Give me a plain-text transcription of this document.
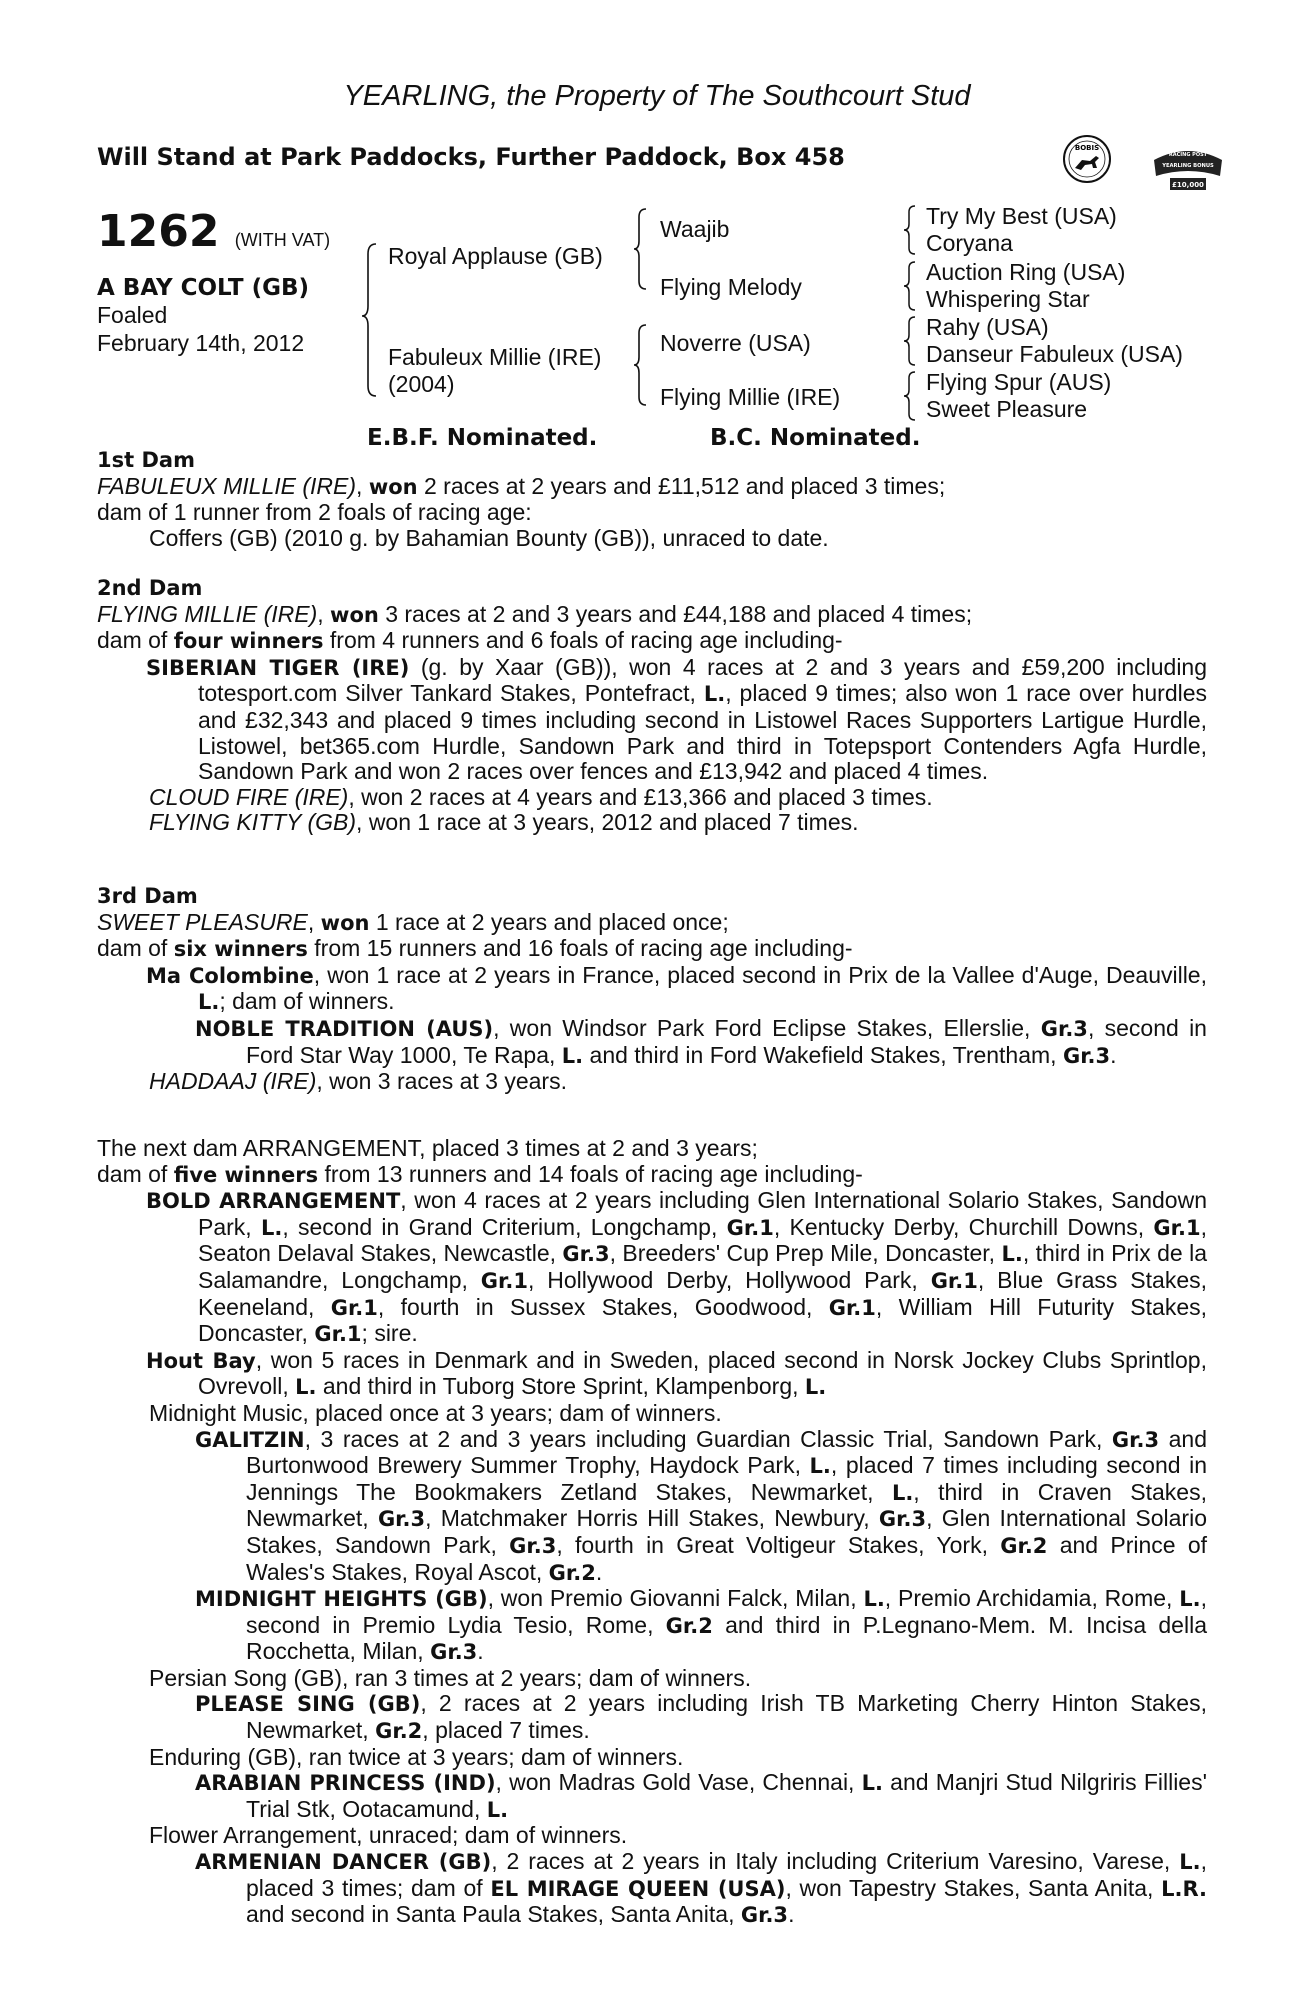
YEARLING, the Property of The Southcourt Stud
Will Stand at Park Paddocks, Further Paddock, Box 458	BOBIS
RACING POST
YEARLING BONUS
£10,000
1262 (WITH VAT)
A BAY COLT (GB)
Foaled
February 14th, 2012
Royal Applause (GB)
Fabuleux Millie (IRE)
(2004)
Waajib
Flying Melody
Noverre (USA)
Flying Millie (IRE)
Try My Best (USA)
Coryana
Auction Ring (USA)
Whispering Star
Rahy (USA)
Danseur Fabuleux (USA)
Flying Spur (AUS)
Sweet Pleasure
E.B.F. Nominated.	B.C. Nominated.

1st Dam

FABULEUX MILLIE (IRE), won 2 races at 2 years and £11,512 and placed 3 times;

dam of 1 runner from 2 foals of racing age:

Coffers (GB) (2010 g. by Bahamian Bounty (GB)), unraced to date.

2nd Dam

FLYING MILLIE (IRE), won 3 races at 2 and 3 years and £44,188 and placed 4 times;

dam of four winners from 4 runners and 6 foals of racing age including-

SIBERIAN TIGER (IRE) (g. by Xaar (GB)), won 4 races at 2 and 3 years and £59,200 including totesport.com Silver Tankard Stakes, Pontefract, L., placed 9 times; also won 1 race over hurdles and £32,343 and placed 9 times including second in Listowel Races Supporters Lartigue Hurdle, Listowel, bet365.com Hurdle, Sandown Park and third in Totepsport Contenders Agfa Hurdle, Sandown Park and won 2 races over fences and £13,942 and placed 4 times.

CLOUD FIRE (IRE), won 2 races at 4 years and £13,366 and placed 3 times.

FLYING KITTY (GB), won 1 race at 3 years, 2012 and placed 7 times.

3rd Dam

SWEET PLEASURE, won 1 race at 2 years and placed once;

dam of six winners from 15 runners and 16 foals of racing age including-

Ma Colombine, won 1 race at 2 years in France, placed second in Prix de la Vallee d'Auge, Deauville, L.; dam of winners.

NOBLE TRADITION (AUS), won Windsor Park Ford Eclipse Stakes, Ellerslie, Gr.3, second in Ford Star Way 1000, Te Rapa, L. and third in Ford Wakefield Stakes, Trentham, Gr.3.

HADDAAJ (IRE), won 3 races at 3 years.

The next dam ARRANGEMENT, placed 3 times at 2 and 3 years;

dam of five winners from 13 runners and 14 foals of racing age including-

BOLD ARRANGEMENT, won 4 races at 2 years including Glen International Solario Stakes, Sandown Park, L., second in Grand Criterium, Longchamp, Gr.1, Kentucky Derby, Churchill Downs, Gr.1, Seaton Delaval Stakes, Newcastle, Gr.3, Breeders' Cup Prep Mile, Doncaster, L., third in Prix de la Salamandre, Longchamp, Gr.1, Hollywood Derby, Hollywood Park, Gr.1, Blue Grass Stakes, Keeneland, Gr.1, fourth in Sussex Stakes, Goodwood, Gr.1, William Hill Futurity Stakes, Doncaster, Gr.1; sire.

Hout Bay, won 5 races in Denmark and in Sweden, placed second in Norsk Jockey Clubs Sprintlop, Ovrevoll, L. and third in Tuborg Store Sprint, Klampenborg, L.

Midnight Music, placed once at 3 years; dam of winners.

GALITZIN, 3 races at 2 and 3 years including Guardian Classic Trial, Sandown Park, Gr.3 and Burtonwood Brewery Summer Trophy, Haydock Park, L., placed 7 times including second in Jennings The Bookmakers Zetland Stakes, Newmarket, L., third in Craven Stakes, Newmarket, Gr.3, Matchmaker Horris Hill Stakes, Newbury, Gr.3, Glen International Solario Stakes, Sandown Park, Gr.3, fourth in Great Voltigeur Stakes, York, Gr.2 and Prince of Wales's Stakes, Royal Ascot, Gr.2.

MIDNIGHT HEIGHTS (GB), won Premio Giovanni Falck, Milan, L., Premio Archidamia, Rome, L., second in Premio Lydia Tesio, Rome, Gr.2 and third in P.Legnano-Mem. M. Incisa della Rocchetta, Milan, Gr.3.

Persian Song (GB), ran 3 times at 2 years; dam of winners.

PLEASE SING (GB), 2 races at 2 years including Irish TB Marketing Cherry Hinton Stakes, Newmarket, Gr.2, placed 7 times.

Enduring (GB), ran twice at 3 years; dam of winners.

ARABIAN PRINCESS (IND), won Madras Gold Vase, Chennai, L. and Manjri Stud Nilgriris Fillies' Trial Stk, Ootacamund, L.

Flower Arrangement, unraced; dam of winners.

ARMENIAN DANCER (GB), 2 races at 2 years in Italy including Criterium Varesino, Varese, L., placed 3 times; dam of EL MIRAGE QUEEN (USA), won Tapestry Stakes, Santa Anita, L.R. and second in Santa Paula Stakes, Santa Anita, Gr.3.
